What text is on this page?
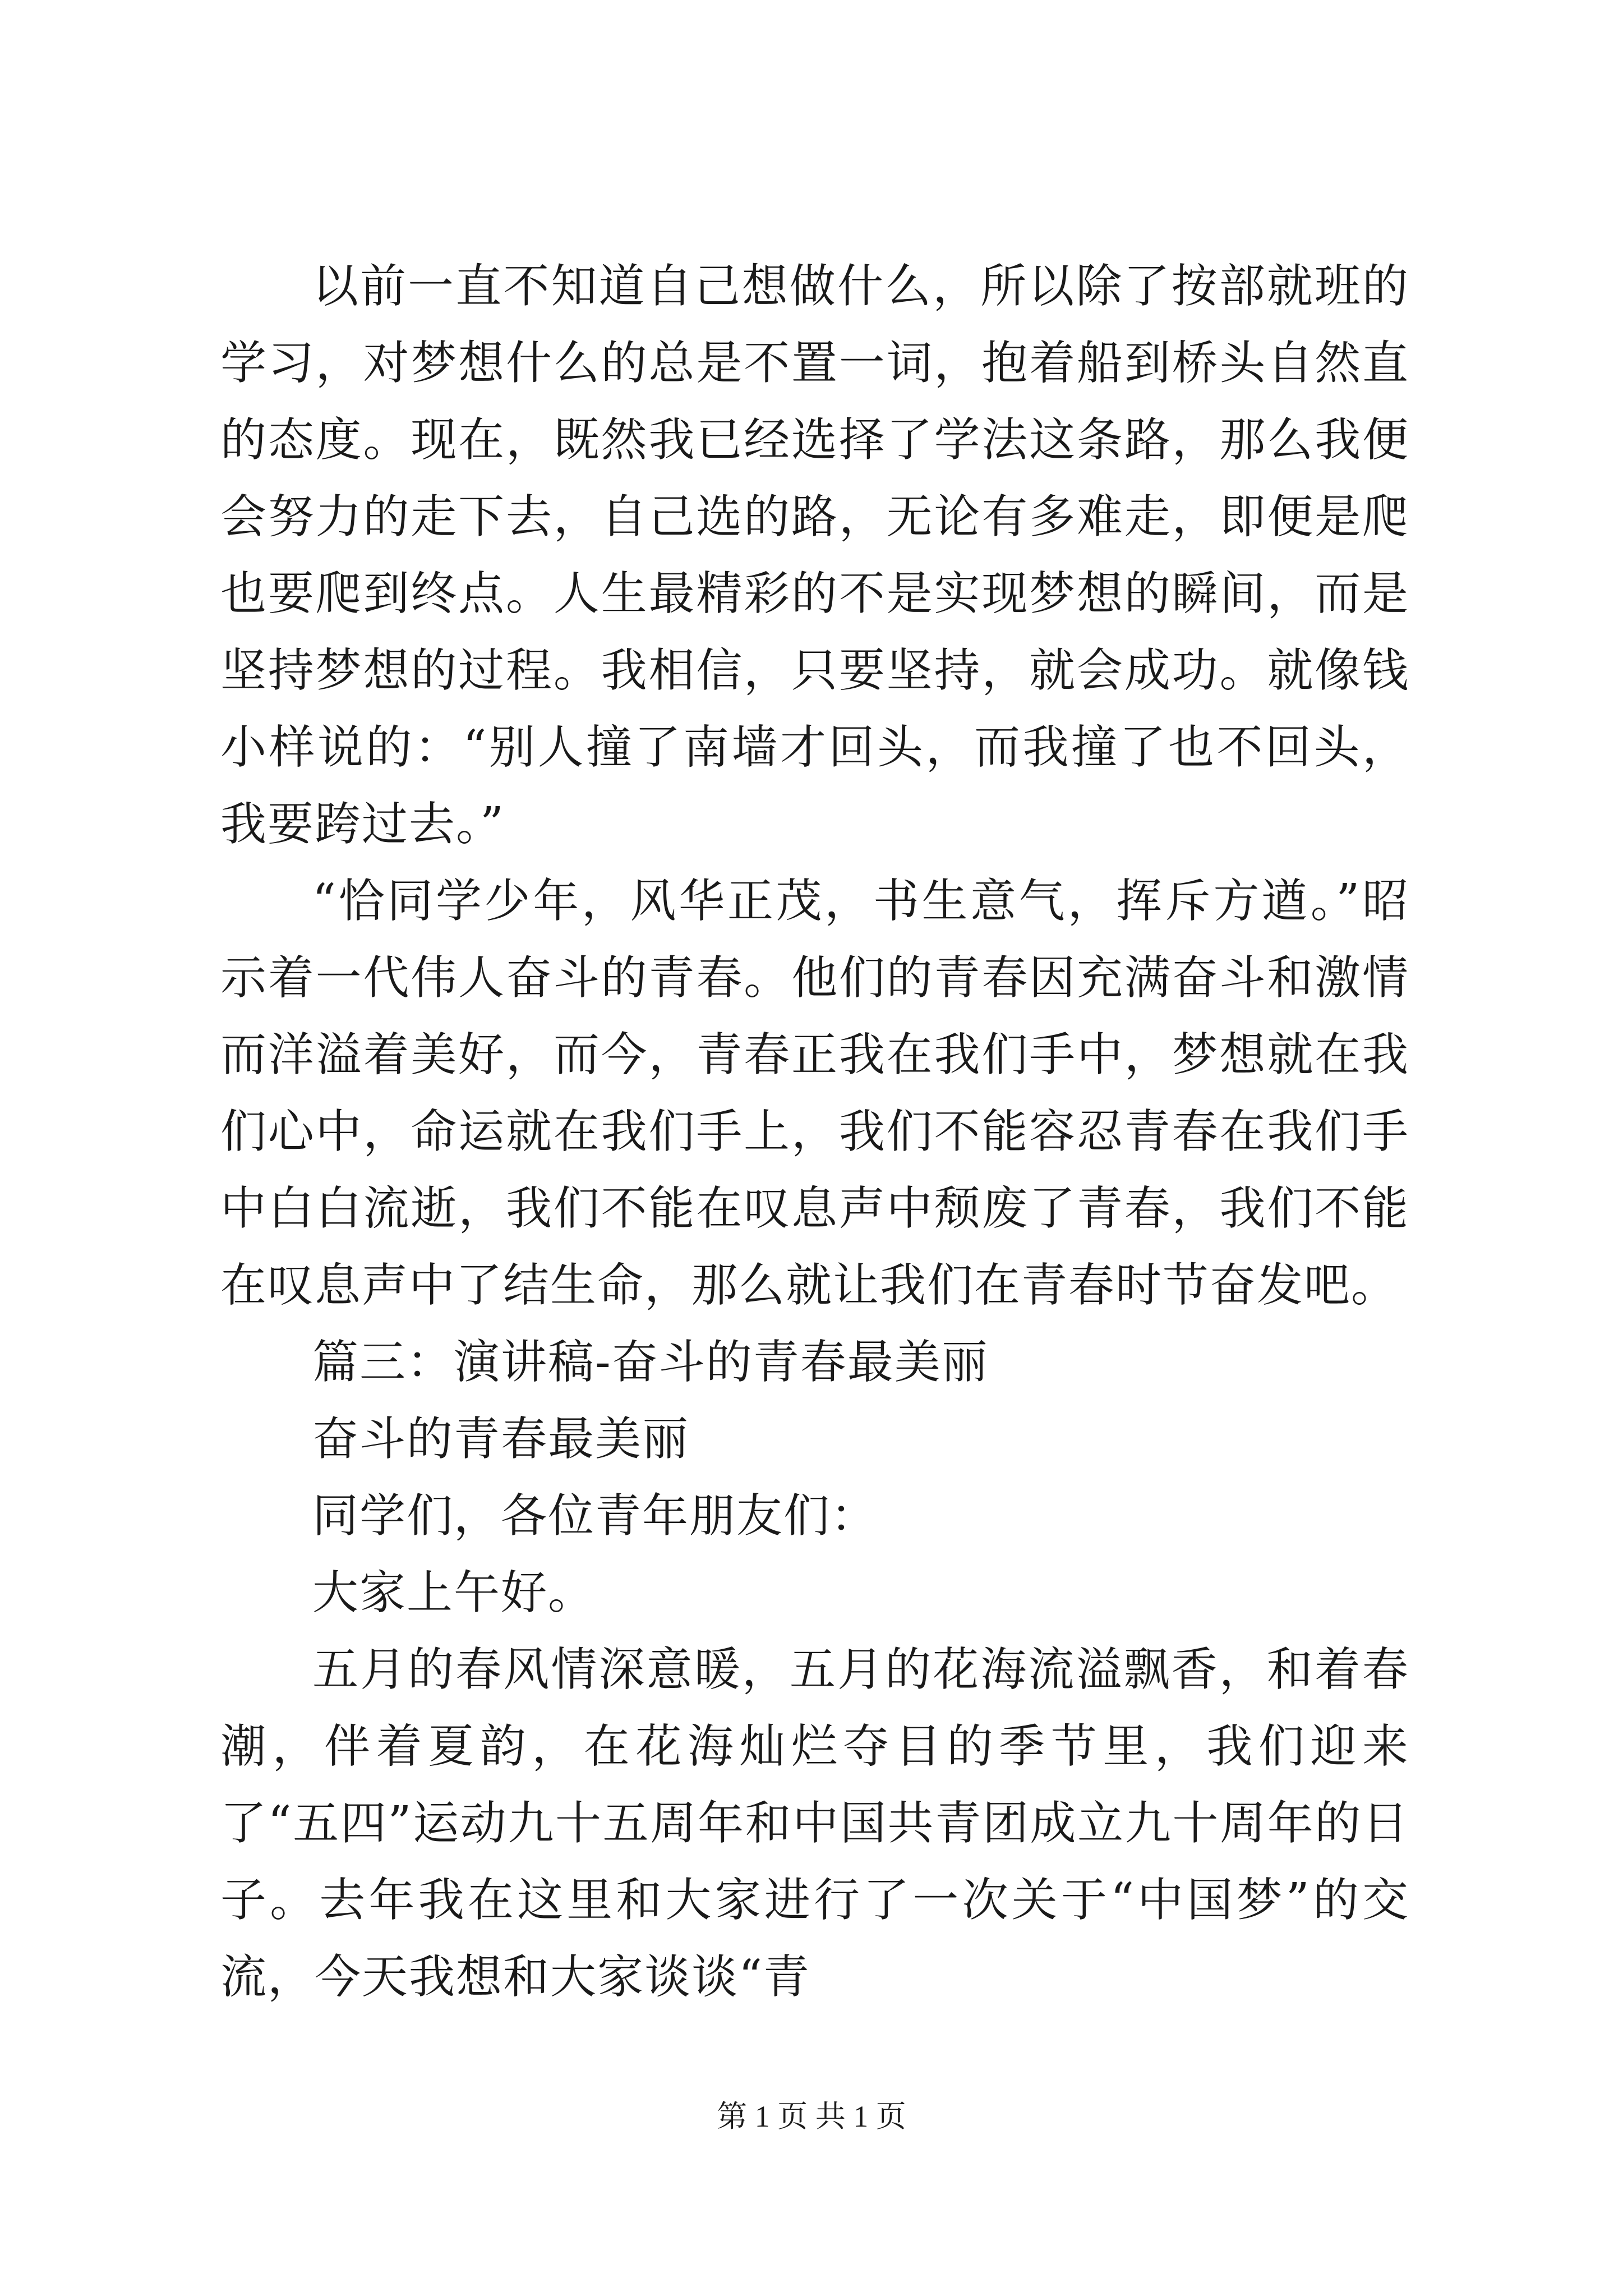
以前一直不知道自己想做什么，所以除了按部就班的学习，对梦想什么的总是不置一词，抱着船到桥头自然直的态度。现在，既然我已经选择了学法这条路，那么我便会努力的走下去，自己选的路，无论有多难走，即便是爬也要爬到终点。人生最精彩的不是实现梦想的瞬间，而是坚持梦想的过程。我相信，只要坚持，就会成功。就像钱小样说的：“别人撞了南墙才回头，而我撞了也不回头，我要跨过去。”

“恰同学少年，风华正茂，书生意气，挥斥方遒。”昭示着一代伟人奋斗的青春。他们的青春因充满奋斗和激情而洋溢着美好，而今，青春正我在我们手中，梦想就在我们心中，命运就在我们手上，我们不能容忍青春在我们手中白白流逝，我们不能在叹息声中颓废了青春，我们不能在叹息声中了结生命，那么就让我们在青春时节奋发吧。

篇三：演讲稿-奋斗的青春最美丽

奋斗的青春最美丽

同学们，各位青年朋友们：

大家上午好。

五月的春风情深意暖，五月的花海流溢飘香，和着春潮，伴着夏韵，在花海灿烂夺目的季节里，我们迎来了“五四”运动九十五周年和中国共青团成立九十周年的日子。去年我在这里和大家进行了一次关于“中国梦”的交流，今天我想和大家谈谈“青

第 1 页 共 1 页
